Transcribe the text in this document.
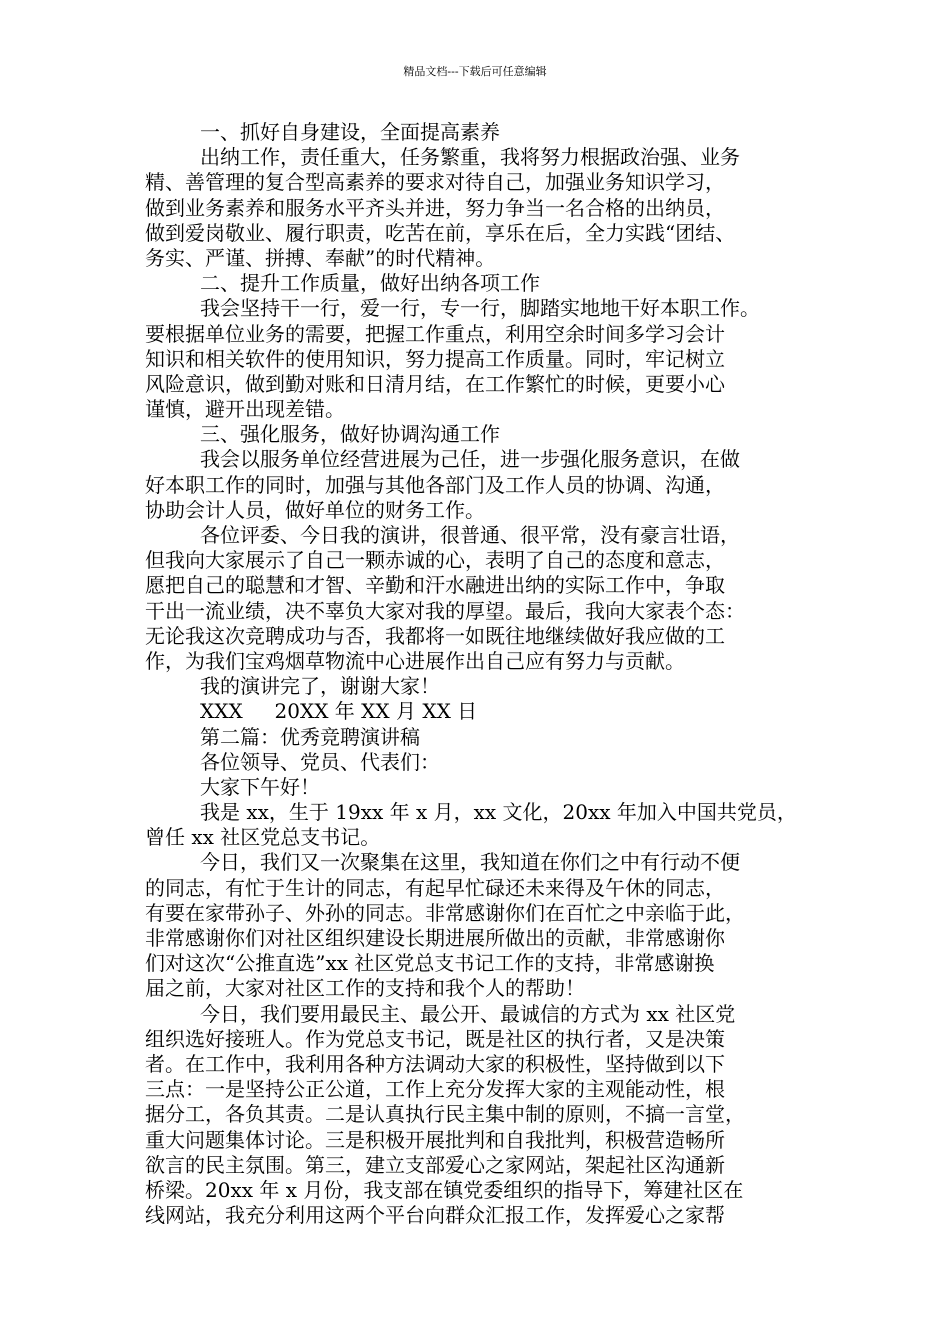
精品文档---下载后可任意编辑
一、抓好自身建设，全面提高素养
出纳工作，责任重大，任务繁重，我将努力根据政治强、业务
精、善管理的复合型高素养的要求对待自己，加强业务知识学习，
做到业务素养和服务水平齐头并进，努力争当一名合格的出纳员，
做到爱岗敬业、履行职责，吃苦在前，享乐在后，全力实践“团结、
务实、严谨、拼搏、奉献”的时代精神。
二、提升工作质量，做好出纳各项工作
我会坚持干一行，爱一行，专一行，脚踏实地地干好本职工作。
要根据单位业务的需要，把握工作重点，利用空余时间多学习会计
知识和相关软件的使用知识，努力提高工作质量。同时，牢记树立
风险意识，做到勤对账和日清月结，在工作繁忙的时候，更要小心
谨慎，避开出现差错。
三、强化服务，做好协调沟通工作
我会以服务单位经营进展为己任，进一步强化服务意识，在做
好本职工作的同时，加强与其他各部门及工作人员的协调、沟通，
协助会计人员，做好单位的财务工作。
各位评委、今日我的演讲，很普通、很平常，没有豪言壮语，
但我向大家展示了自己一颗赤诚的心，表明了自己的态度和意志，
愿把自己的聪慧和才智、辛勤和汗水融进出纳的实际工作中，争取
干出一流业绩，决不辜负大家对我的厚望。最后，我向大家表个态：
无论我这次竞聘成功与否，我都将一如既往地继续做好我应做的工
作，为我们宝鸡烟草物流中心进展作出自己应有努力与贡献。
我的演讲完了，谢谢大家！
XXX     20XX 年 XX 月 XX 日
第二篇：优秀竞聘演讲稿
各位领导、党员、代表们：
大家下午好！
我是 xx，生于 19xx 年 x 月，xx 文化，20xx 年加入中国共党员，
曾任 xx 社区党总支书记。
今日，我们又一次聚集在这里，我知道在你们之中有行动不便
的同志，有忙于生计的同志，有起早忙碌还未来得及午休的同志，
有要在家带孙子、外孙的同志。非常感谢你们在百忙之中亲临于此，
非常感谢你们对社区组织建设长期进展所做出的贡献，非常感谢你
们对这次“公推直选”xx 社区党总支书记工作的支持，非常感谢换
届之前，大家对社区工作的支持和我个人的帮助！
今日，我们要用最民主、最公开、最诚信的方式为 xx 社区党
组织选好接班人。作为党总支书记，既是社区的执行者，又是决策
者。在工作中，我利用各种方法调动大家的积极性，坚持做到以下
三点：一是坚持公正公道，工作上充分发挥大家的主观能动性，根
据分工，各负其责。二是认真执行民主集中制的原则，不搞一言堂，
重大问题集体讨论。三是积极开展批判和自我批判，积极营造畅所
欲言的民主氛围。第三，建立支部爱心之家网站，架起社区沟通新
桥梁。20xx 年 x 月份，我支部在镇党委组织的指导下，筹建社区在
线网站，我充分利用这两个平台向群众汇报工作，发挥爱心之家帮
